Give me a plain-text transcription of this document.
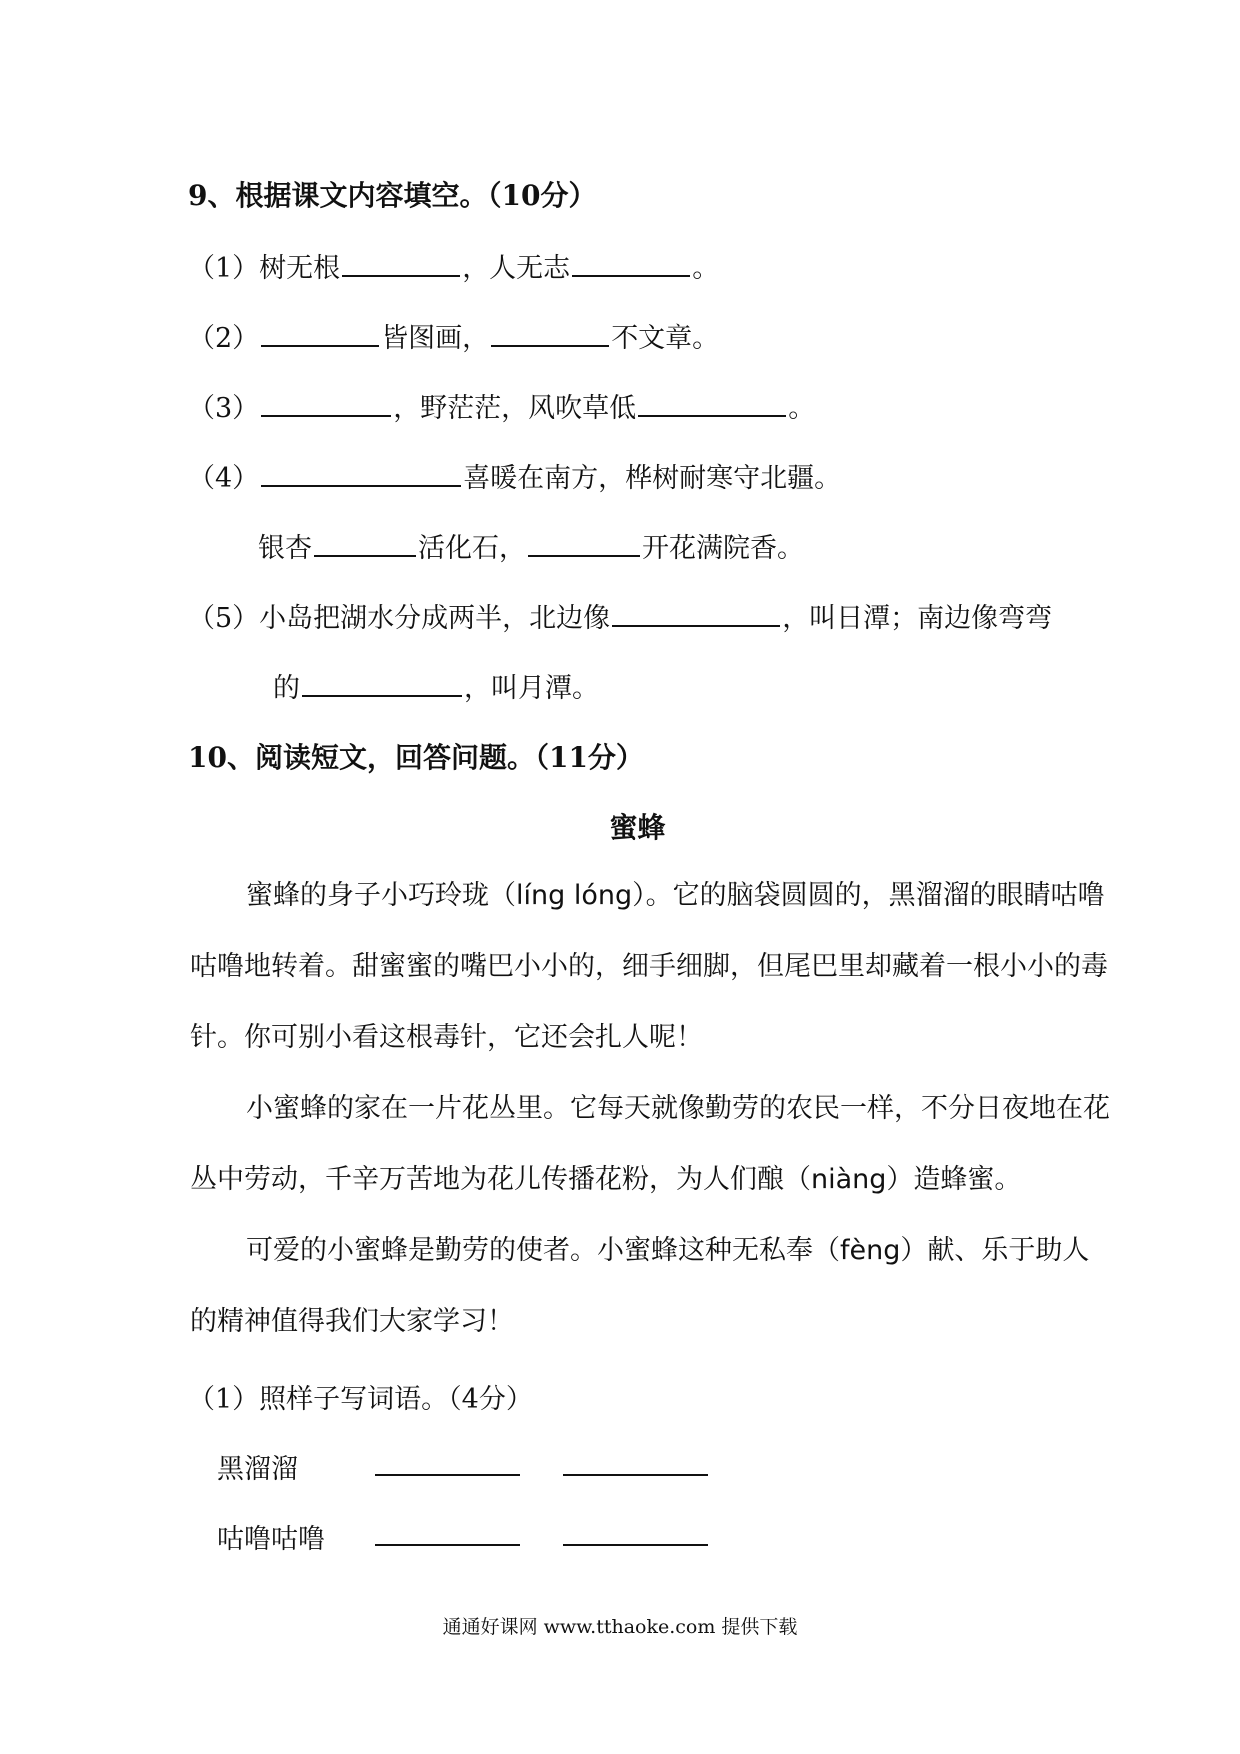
9、根据课文内容填空。（10分）
（1）树无根	，人无志	。
（2）	皆图画，	不文章。
（3）	，野茫茫，风吹草低	。
（4）	喜暖在南方，桦树耐寒守北疆。
银杏	活化石，	开花满院香。
（5）小岛把湖水分成两半，北边像	，叫日潭；南边像弯弯
的	，叫月潭。
10、阅读短文，回答问题。（11分）
蜜蜂

蜜蜂的身子小巧玲珑（líng lóng）。它的脑袋圆圆的，黑溜溜的眼睛咕噜咕噜地转着。甜蜜蜜的嘴巴小小的，细手细脚，但尾巴里却藏着一根小小的毒针。你可别小看这根毒针，它还会扎人呢！

小蜜蜂的家在一片花丛里。它每天就像勤劳的农民一样，不分日夜地在花丛中劳动，千辛万苦地为花儿传播花粉，为人们酿（niàng）造蜂蜜。

可爱的小蜜蜂是勤劳的使者。小蜜蜂这种无私奉（fèng）献、乐于助人的精神值得我们大家学习！

（1）照样子写词语。（4分）
黑溜溜
咕噜咕噜
通通好课网 www.tthaoke.com 提供下载
